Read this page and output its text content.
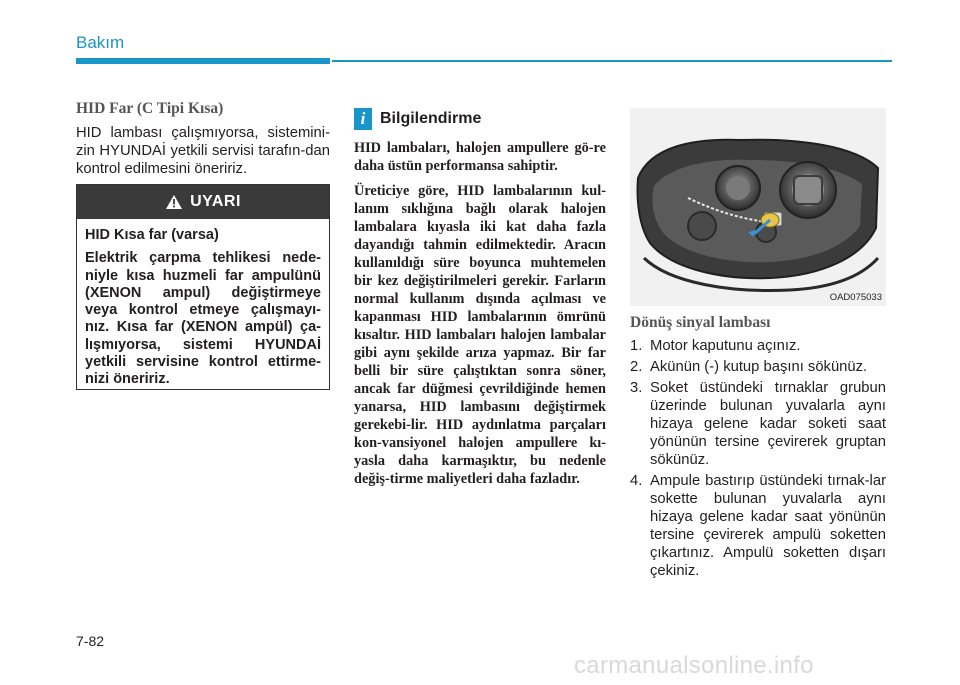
Bakım

HID Far (C Tipi Kısa)

HID lambası çalışmıyorsa, sistemini-zin HYUNDAİ yetkili servisi tarafın-dan kontrol edilmesini öneririz.

UYARI

HID Kısa far (varsa)

Elektrik çarpma tehlikesi nede-niyle kısa huzmeli far ampulünü (XENON ampul) değiştirmeye veya kontrol etmeye çalışmayı-nız. Kısa far (XENON ampül) ça-lışmıyorsa, sistemi HYUNDAİ yetkili servisine kontrol ettirme-nizi öneririz.

i Bilgilendirme

HID lambaları, halojen ampullere gö-re daha üstün performansa sahiptir.

Üreticiye göre, HID lambalarının kul-lanım sıklığına bağlı olarak halojen lambalara kıyasla iki kat daha fazla dayandığı tahmin edilmektedir. Aracın kullanıldığı süre boyunca muhtemelen bir kez değiştirilmeleri gerekir. Farların normal kullanım dışında açılması ve kapanması HID lambalarının ömrünü kısaltır. HID lambaları halojen lambalar gibi aynı şekilde arıza yapmaz. Bir far belli bir süre çalıştıktan sonra söner, ancak far düğmesi çevrildiğinde hemen yanarsa, HID lambasını değiştirmek gerekebi-lir. HID aydınlatma parçaları kon-vansiyonel halojen ampullere kı-yasla daha karmaşıktır, bu nedenle değiş-tirme maliyetleri daha fazladır.

OAD075033

Dönüş sinyal lambası

1. Motor kaputunu açınız.
2. Akünün (-) kutup başını sökünüz.
3. Soket üstündeki tırnaklar grubun üzerinde bulunan yuvalarla aynı hizaya gelene kadar soketi saat yönünün tersine çevirerek gruptan sökünüz.
4. Ampule bastırıp üstündeki tırnak-lar sokette bulunan yuvalarla aynı hizaya gelene kadar saat yönünün tersine çevirerek ampulü soketten çıkartınız. Ampulü soketten dışarı çekiniz.
7-82
carmanualsonline.info
